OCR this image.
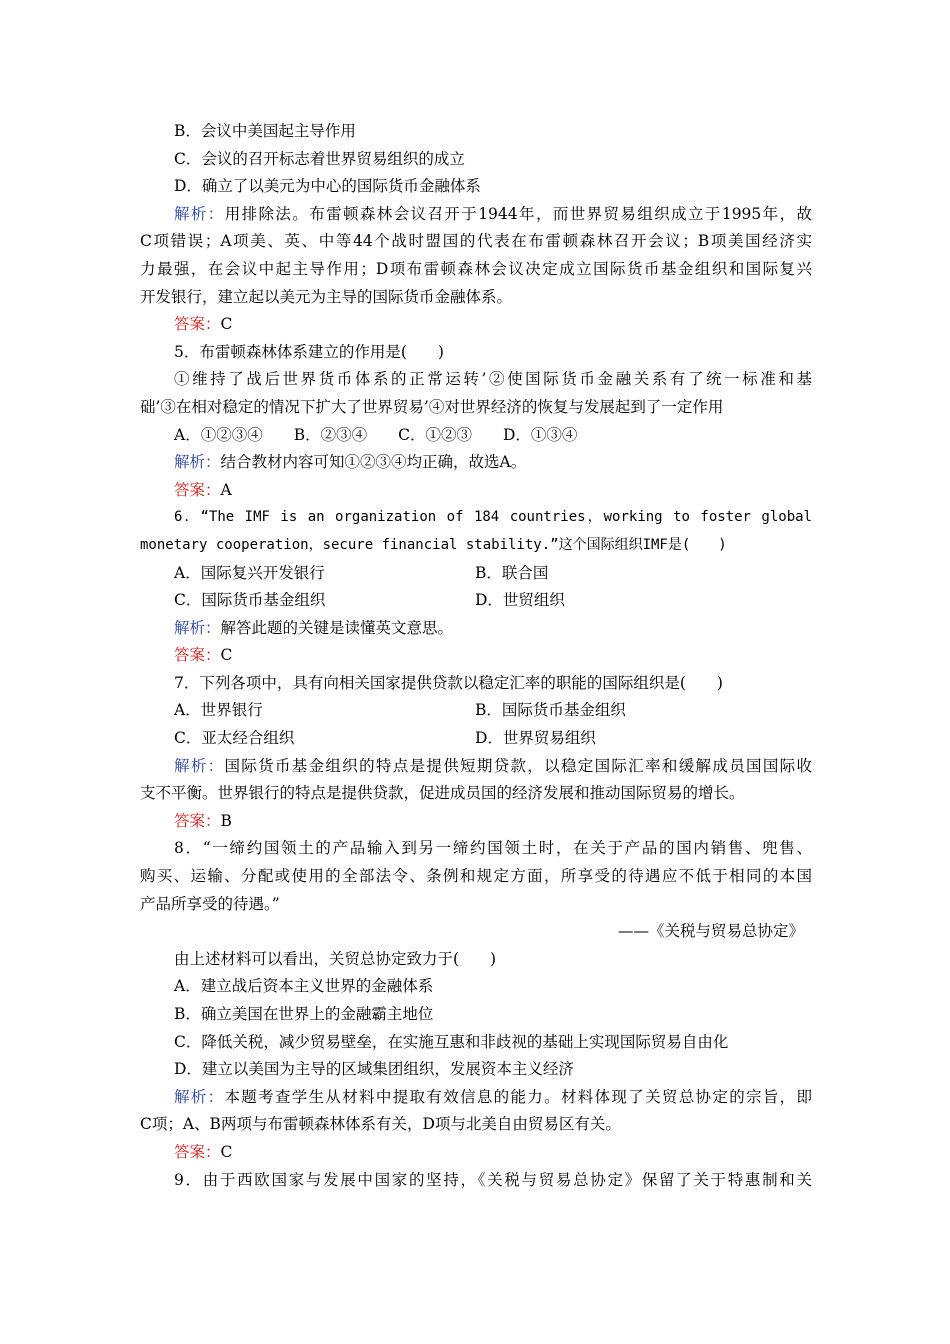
B．会议中美国起主导作用
C．会议的召开标志着世界贸易组织的成立
D．确立了以美元为中心的国际货币金融体系
解析：用排除法。布雷顿森林会议召开于1944年，而世界贸易组织成立于1995年，故
C项错误；A项美、英、中等44个战时盟国的代表在布雷顿森林召开会议；B项美国经济实
力最强，在会议中起主导作用；D项布雷顿森林会议决定成立国际货币基金组织和国际复兴
开发银行，建立起以美元为主导的国际货币金融体系。
答案：C
5．布雷顿森林体系建立的作用是(　　)
①维持了战后世界货币体系的正常运转’②使国际货币金融关系有了统一标准和基
础’③在相对稳定的情况下扩大了世界贸易’④对世界经济的恢复与发展起到了一定作用
A．①②③④　　B．②③④　　C．①②③　　D．①③④
解析：结合教材内容可知①②③④均正确，故选A。
答案：A
6．“The IMF is an organization of 184 countries，working to foster global
monetary cooperation，secure financial stability.”这个国际组织IMF是(　　)
A．国际复兴开发银行	B．联合国
C．国际货币基金组织	D．世贸组织
解析：解答此题的关键是读懂英文意思。
答案：C
7．下列各项中，具有向相关国家提供贷款以稳定汇率的职能的国际组织是(　　)
A．世界银行	B．国际货币基金组织
C．亚太经合组织	D．世界贸易组织
解析：国际货币基金组织的特点是提供短期贷款，以稳定国际汇率和缓解成员国国际收
支不平衡。世界银行的特点是提供贷款，促进成员国的经济发展和推动国际贸易的增长。
答案：B
8．“一缔约国领土的产品输入到另一缔约国领土时，在关于产品的国内销售、兜售、
购买、运输、分配或使用的全部法令、条例和规定方面，所享受的待遇应不低于相同的本国
产品所享受的待遇。”
——《关税与贸易总协定》
由上述材料可以看出，关贸总协定致力于(　　)
A．建立战后资本主义世界的金融体系
B．确立美国在世界上的金融霸主地位
C．降低关税，减少贸易壁垒，在实施互惠和非歧视的基础上实现国际贸易自由化
D．建立以美国为主导的区域集团组织，发展资本主义经济
解析：本题考查学生从材料中提取有效信息的能力。材料体现了关贸总协定的宗旨，即
C项；A、B两项与布雷顿森林体系有关，D项与北美自由贸易区有关。
答案：C
9．由于西欧国家与发展中国家的坚持，《关税与贸易总协定》保留了关于特惠制和关
